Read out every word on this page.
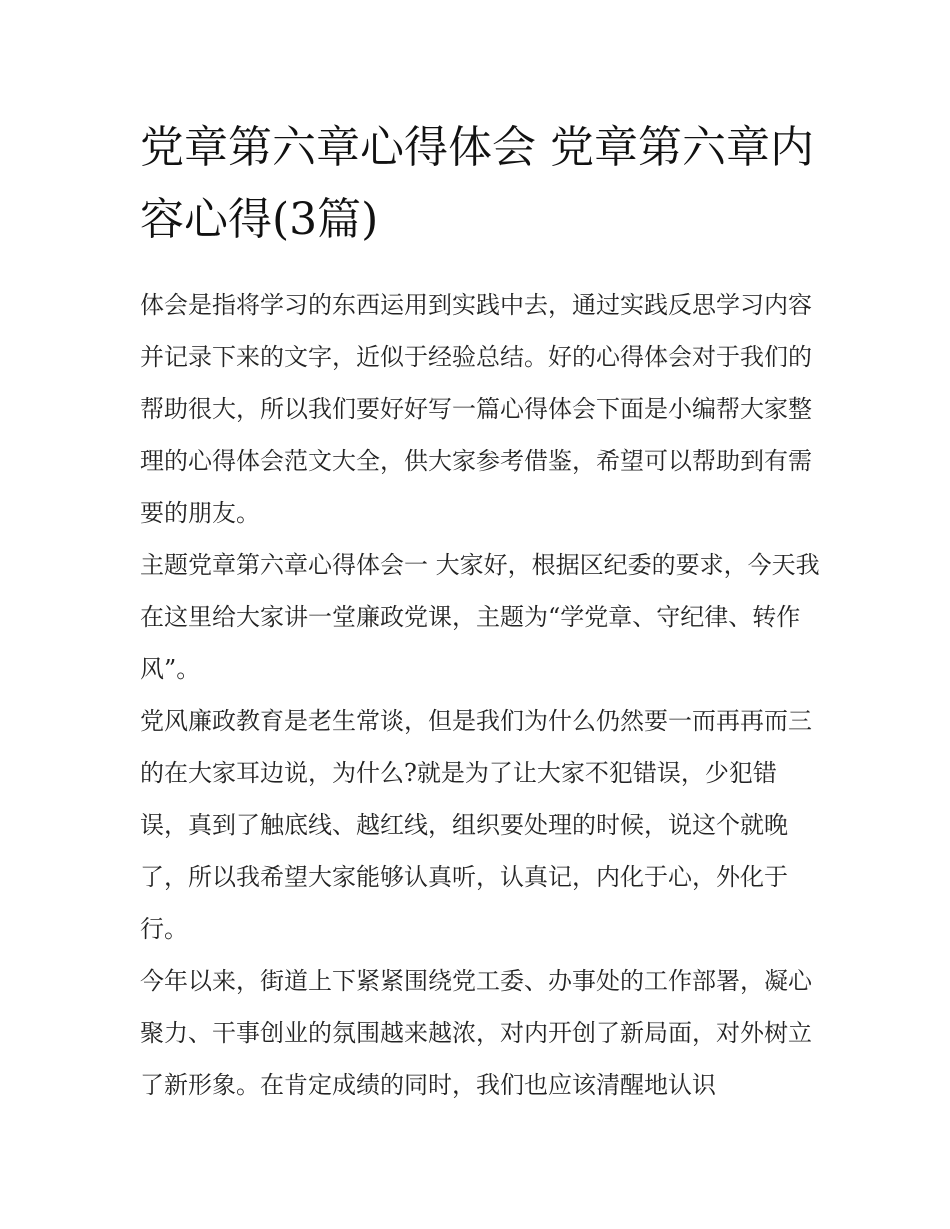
党章第六章心得体会 党章第六章内容心得(3篇)

体会是指将学习的东西运用到实践中去，通过实践反思学习内容并记录下来的文字，近似于经验总结。好的心得体会对于我们的帮助很大，所以我们要好好写一篇心得体会下面是小编帮大家整理的心得体会范文大全，供大家参考借鉴，希望可以帮助到有需要的朋友。

主题党章第六章心得体会一 大家好，根据区纪委的要求，今天我在这里给大家讲一堂廉政党课，主题为“学党章、守纪律、转作风”。

党风廉政教育是老生常谈，但是我们为什么仍然要一而再再而三的在大家耳边说，为什么?就是为了让大家不犯错误，少犯错误，真到了触底线、越红线，组织要处理的时候，说这个就晚了，所以我希望大家能够认真听，认真记，内化于心，外化于行。

今年以来，街道上下紧紧围绕党工委、办事处的工作部署，凝心聚力、干事创业的氛围越来越浓，对内开创了新局面，对外树立了新形象。在肯定成绩的同时，我们也应该清醒地认识
